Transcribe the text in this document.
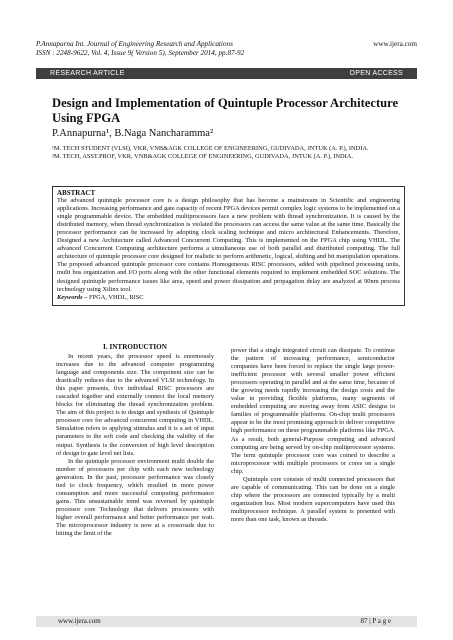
P.Annapurna Int. Journal of Engineering Research and Applications
ISSN : 2248-9622, Vol. 4, Issue 9( Version 5), September 2014, pp.87-92
www.ijera.com
RESEARCH ARTICLE	OPEN ACCESS
Design and Implementation of Quintuple Processor Architecture Using FPGA
P.Annapurna¹, B.Naga Nancharamma²
¹M. TECH STUDENT (VLSI), VKR, VNB&AGK COLLEGE OF ENGINEERING, GUDIVADA, JNTUK (A. P.), INDIA.
²M. TECH, ASST.PROF, VKR, VNB&AGK COLLEGE OF ENGINEERING, GUDIVADA, JNTUK (A. P.), INDIA.
ABSTRACT
The advanced quintuple processor core is a design philosophy that has become a mainstream in Scientific and engineering applications. Increasing performance and gate capacity of recent FPGA devices permit complex logic systems to be implemented on a single programmable device. The embedded multiprocessors face a new problem with thread synchronization. It is caused by the distributed memory, when thread synchronization is violated the processors can access the same value at the same time. Basically the processor performance can be increased by adopting clock scaling technique and micro architectural Enhancements. Therefore, Designed a new Architecture called Advanced Concurrent Computing. This is implemented on the FPGA chip using VHDL. The advanced Concurrent Computing architecture performs a simultaneous use of both parallel and distributed computing. The full architecture of quintuple processor core designed for realistic to perform arithmetic, logical, shifting and bit manipulation operations. The proposed advanced quintuple processor core contains Homogeneous RISC processors, added with pipelined processing units, multi bus organization and I/O ports along with the other functional elements required to implement embedded SOC solutions. The designed quintuple performance issues like area, speed and power dissipation and propagation delay are analyzed at 90nm process technology using Xilinx tool.
Keywords – FPGA, VHDL, RISC
I. INTRODUCTION

In recent years, the processor speed is enormously increases due to the advanced computer programming language and components size. The component size can be drastically reduces due to the advanced VLSI technology. In this paper presents, five individual RISC processors are cascaded together and externally connect the local memory blocks for eliminating the thread synchronization problem. The aim of this project is to design and synthesis of Quintuple processor core for advanced concurrent computing in VHDL. Simulation refers to applying stimulus and it is a set of input parameters to the soft code and checking the validity of the output. Synthesis is the conversion of high level description of design to gate level net lists.

In the quintuple processor environment multi double the number of processors per chip with each new technology generation. In the past, processor performance was closely tied to clock frequency, which resulted in more power consumption and more successful computing performance gains. This unsustainable trend was reversed by quintuple processor core Technology that delivers processors with higher overall performance and better performance per watt. The microprocessor industry is now at a crossroads due to hitting the limit of the

power that a single integrated circuit can dissipate. To continue the pattern of increasing performance, semiconductor companies have been forced to replace the single large power-inefficient processor with several smaller power efficient processors operating in parallel and at the same time, because of the growing needs rapidly increasing the design costs and the value in providing flexible platforms, many segments of embedded computing are moving away from ASIC designs to families of programmable platforms. On-chip multi processors appear to be the most promising approach to deliver competitive high performance on these programmable platforms like FPGA. As a result, both general-Purpose computing and advanced computing are being served by on-chip multiprocessor systems. The term quintuple processor core was coined to describe a microprocessor with multiple processors or cores on a single chip.

Quintuple core consists of multi connected processors that are capable of communicating. This can be done on a single chip where the processors are connected typically by a multi organization bus. Most modern supercomputers have used this multiprocessor technique. A parallel system is presented with more than one task, known as threads.

www.ijera.com	87 | P a g e
